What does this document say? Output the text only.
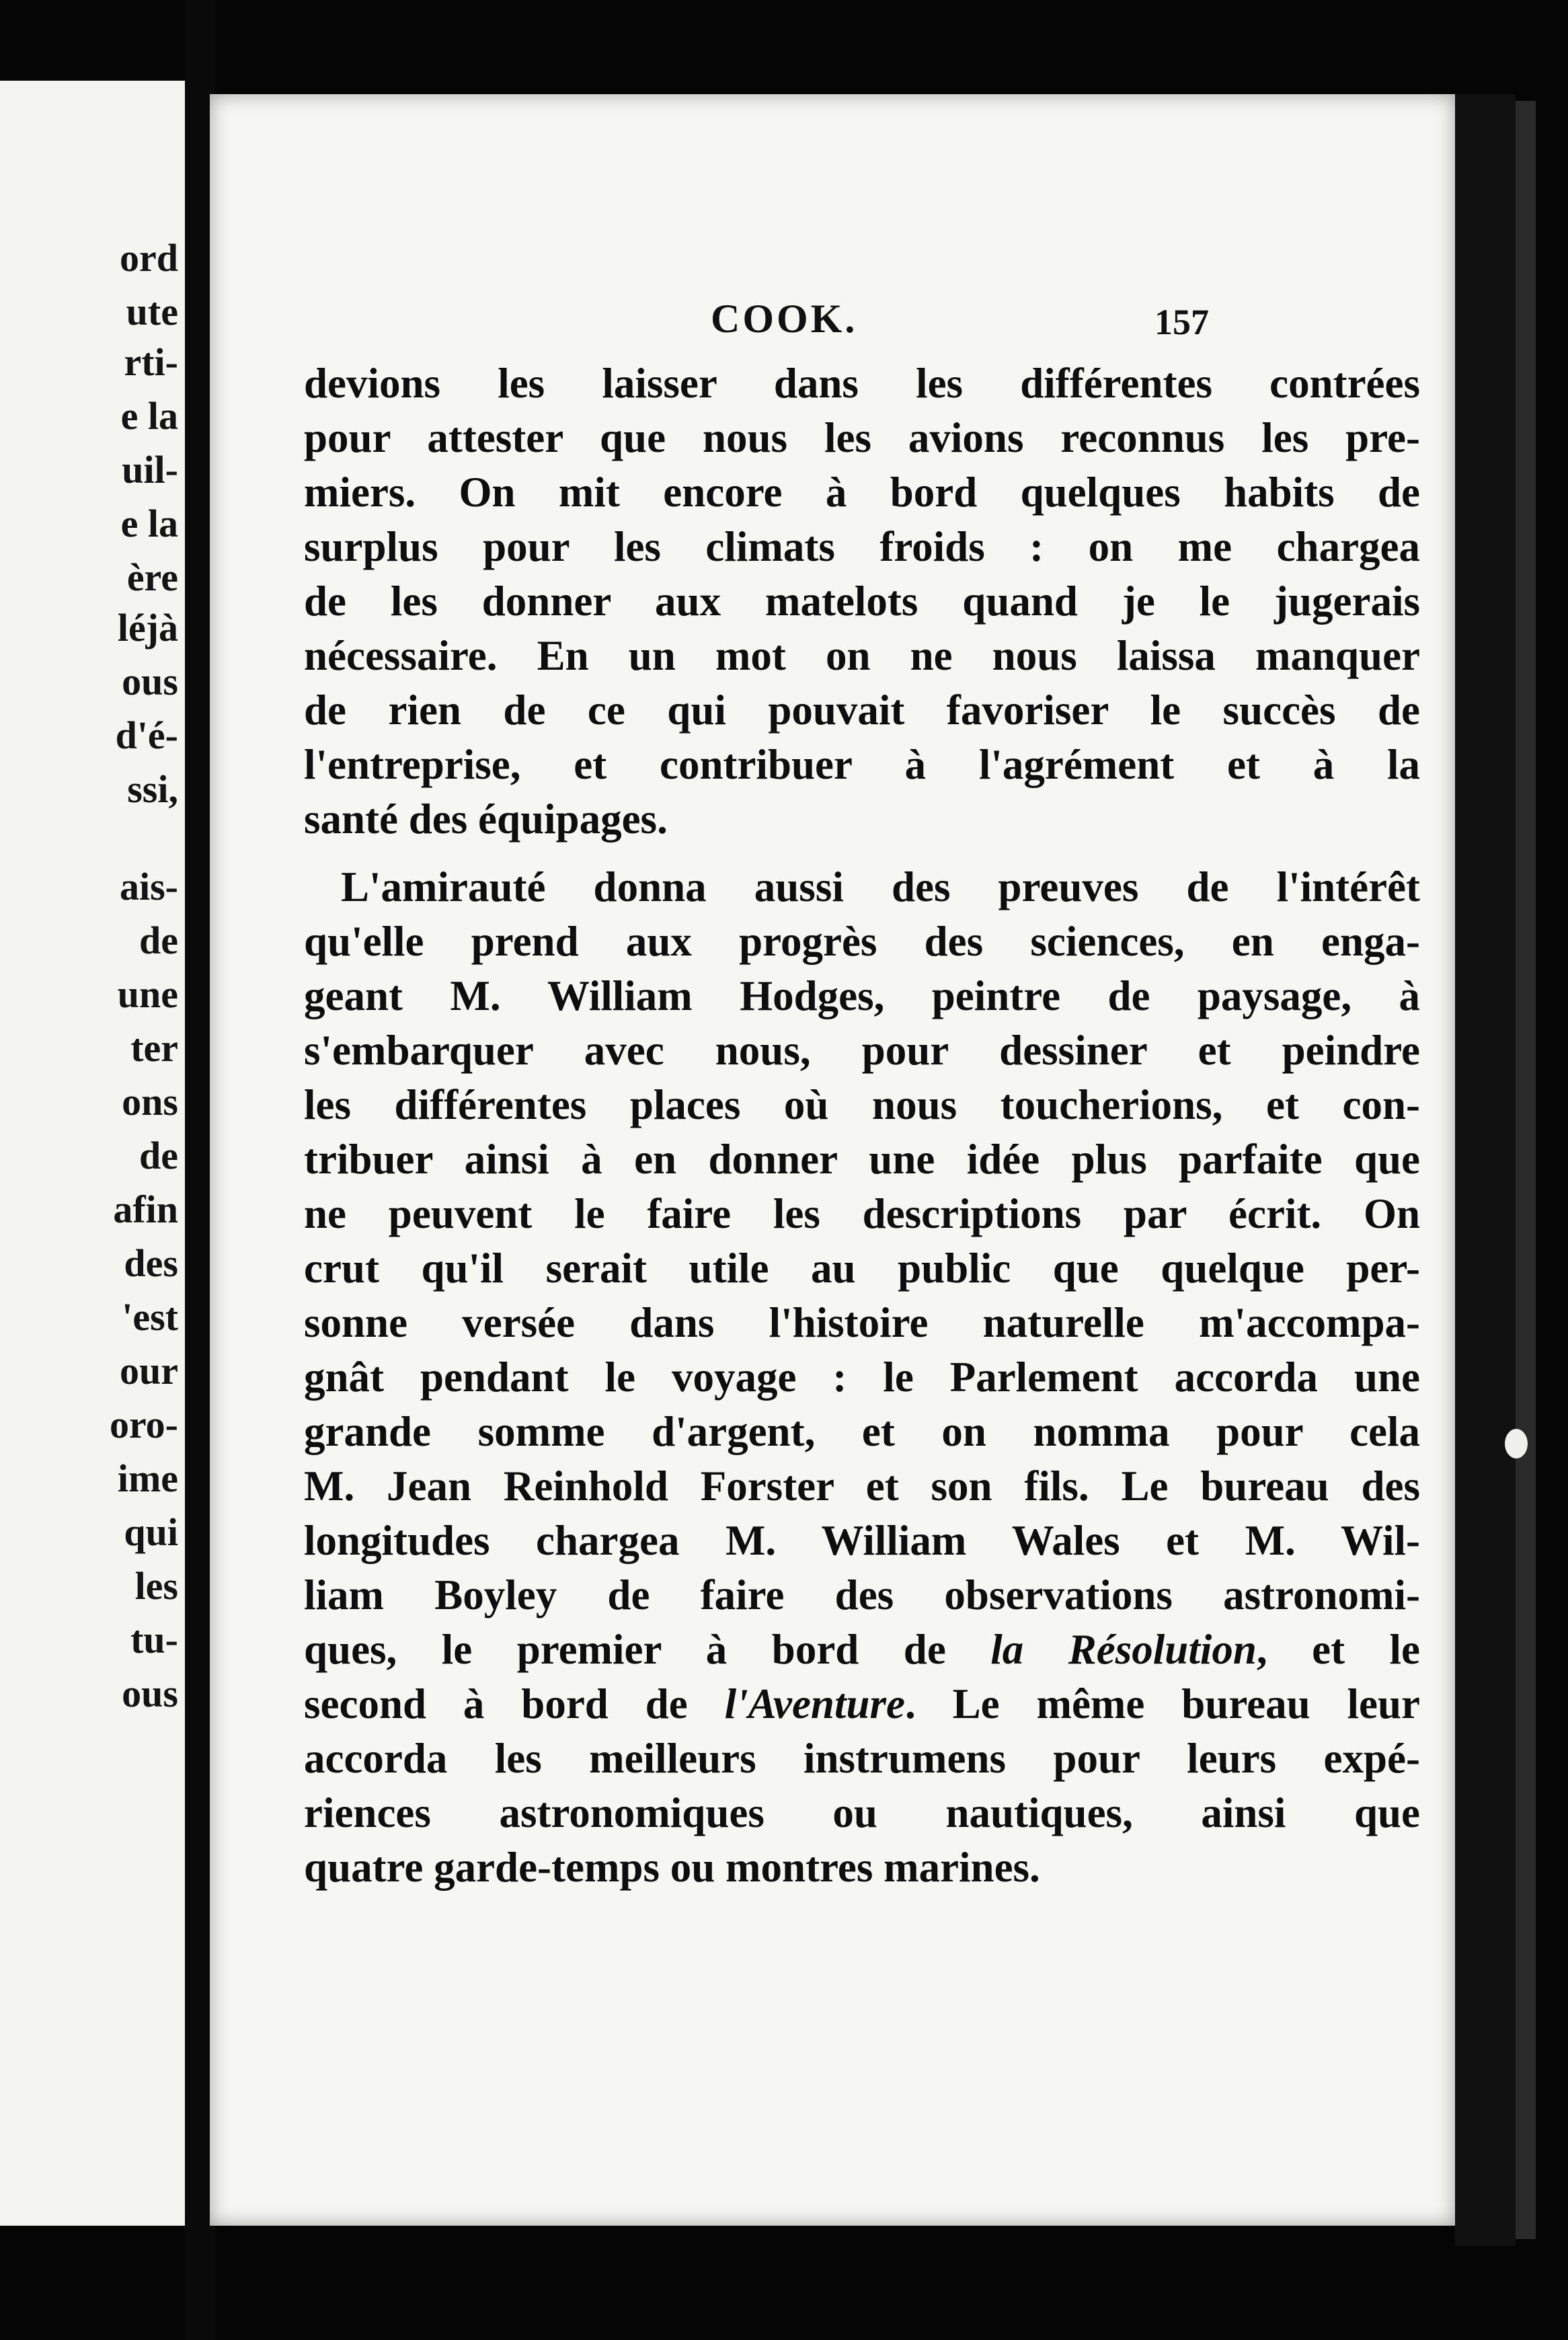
ord
ute
rti-
e la
uil-
e la
ère
léjà
ous
d'é-
ssi,
ais-
de
une
ter
ons
de
afin
des
'est
our
oro-
ime
qui
les
tu-
ous
COOK.	157
devions les laisser dans les différentes contrées
pour attester que nous les avions reconnus les pre-
miers. On mit encore à bord quelques habits de
surplus pour les climats froids : on me chargea
de les donner aux matelots quand je le jugerais
nécessaire. En un mot on ne nous laissa manquer
de rien de ce qui pouvait favoriser le succès de
l'entreprise, et contribuer à l'agrément et à la
santé des équipages.
L'amirauté donna aussi des preuves de l'intérêt
qu'elle prend aux progrès des sciences, en enga-
geant M. William Hodges, peintre de paysage, à
s'embarquer avec nous, pour dessiner et peindre
les différentes places où nous toucherions, et con-
tribuer ainsi à en donner une idée plus parfaite que
ne peuvent le faire les descriptions par écrit. On
crut qu'il serait utile au public que quelque per-
sonne versée dans l'histoire naturelle m'accompa-
gnât pendant le voyage : le Parlement accorda une
grande somme d'argent, et on nomma pour cela
M. Jean Reinhold Forster et son fils. Le bureau des
longitudes chargea M. William Wales et M. Wil-
liam Boyley de faire des observations astronomi-
ques, le premier à bord de la Résolution, et le
second à bord de l'Aventure. Le même bureau leur
accorda les meilleurs instrumens pour leurs expé-
riences astronomiques ou nautiques, ainsi que
quatre garde-temps ou montres marines.
